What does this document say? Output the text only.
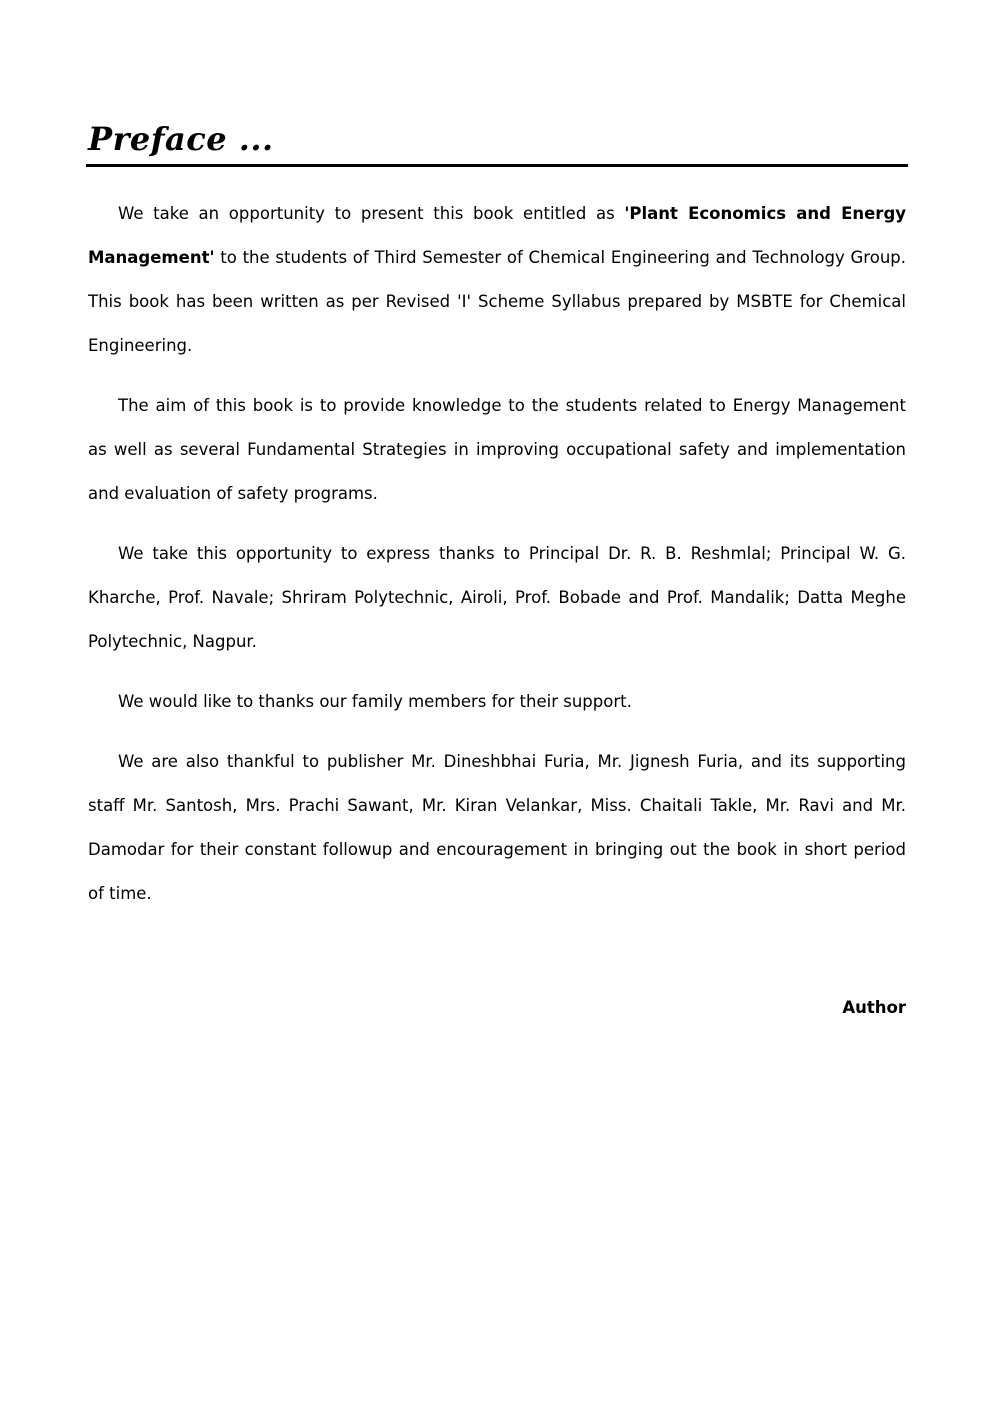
Preface ...

We take an opportunity to present this book entitled as 'Plant Economics and Energy Management' to the students of Third Semester of Chemical Engineering and Technology Group. This book has been written as per Revised 'I' Scheme Syllabus prepared by MSBTE for Chemical Engineering.

The aim of this book is to provide knowledge to the students related to Energy Management as well as several Fundamental Strategies in improving occupational safety and implementation and evaluation of safety programs.

We take this opportunity to express thanks to Principal Dr. R. B. Reshmlal; Principal W. G. Kharche, Prof. Navale; Shriram Polytechnic, Airoli, Prof. Bobade and Prof. Mandalik; Datta Meghe Polytechnic, Nagpur.

We would like to thanks our family members for their support.

We are also thankful to publisher Mr. Dineshbhai Furia, Mr. Jignesh Furia, and its supporting staff Mr. Santosh, Mrs. Prachi Sawant, Mr. Kiran Velankar, Miss. Chaitali Takle, Mr. Ravi and Mr. Damodar for their constant followup and encouragement in bringing out the book in short period of time.

Author
